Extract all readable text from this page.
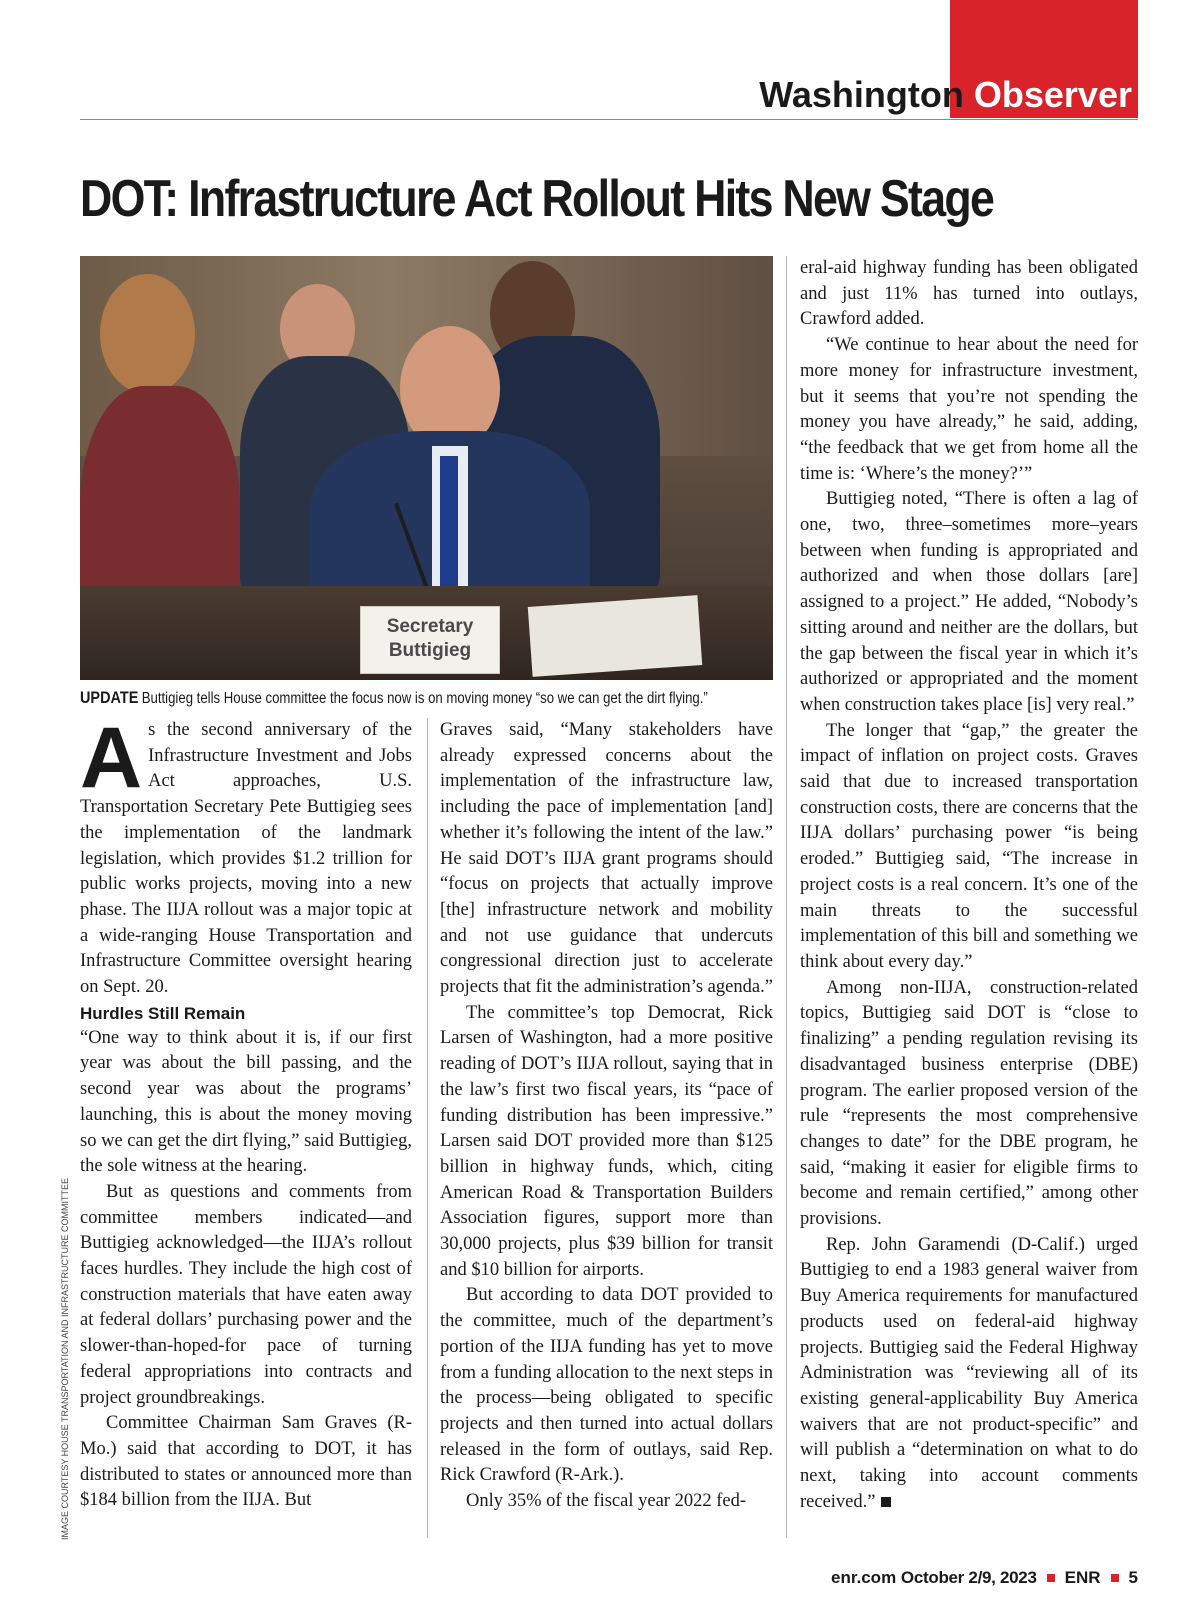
Washington Observer
DOT: Infrastructure Act Rollout Hits New Stage
Secretary
Buttigieg
UPDATE Buttigieg tells House committee the focus now is on moving money “so we can get the dirt flying.”

As the second anniversary of the Infrastructure Investment and Jobs Act approaches, U.S. Transportation Secretary Pete Buttigieg sees the implementation of the landmark legislation, which provides $1.2 trillion for public works projects, moving into a new phase. The IIJA rollout was a major topic at a wide-ranging House Transportation and Infrastructure Committee oversight hearing on Sept. 20.

Hurdles Still Remain

“One way to think about it is, if our first year was about the bill passing, and the second year was about the programs’ launching, this is about the money moving so we can get the dirt flying,” said Buttigieg, the sole witness at the hearing.

But as questions and comments from committee members indicated—and Buttigieg acknowledged—the IIJA’s rollout faces hurdles. They include the high cost of construction materials that have eaten away at federal dollars’ purchasing power and the slower-than-hoped-for pace of turning federal appropriations into contracts and project groundbreakings.

Committee Chairman Sam Graves (R-Mo.) said that according to DOT, it has distributed to states or announced more than $184 billion from the IIJA. But

Graves said, “Many stakeholders have already expressed concerns about the implementation of the infrastructure law, including the pace of implementation [and] whether it’s following the intent of the law.” He said DOT’s IIJA grant programs should “focus on projects that actually improve [the] infrastructure network and mobility and not use guidance that undercuts congressional direction just to accelerate projects that fit the administration’s agenda.”

The committee’s top Democrat, Rick Larsen of Washington, had a more positive reading of DOT’s IIJA rollout, saying that in the law’s first two fiscal years, its “pace of funding distribution has been impressive.” Larsen said DOT provided more than $125 billion in highway funds, which, citing American Road & Transportation Builders Association figures, support more than 30,000 projects, plus $39 billion for transit and $10 billion for airports.

But according to data DOT provided to the committee, much of the department’s portion of the IIJA funding has yet to move from a funding allocation to the next steps in the process—being obligated to specific projects and then turned into actual dollars released in the form of outlays, said Rep. Rick Crawford (R-Ark.).

Only 35% of the fiscal year 2022 fed-

eral-aid highway funding has been obligated and just 11% has turned into outlays, Crawford added.

“We continue to hear about the need for more money for infrastructure investment, but it seems that you’re not spending the money you have already,” he said, adding, “the feedback that we get from home all the time is: ‘Where’s the money?’”

Buttigieg noted, “There is often a lag of one, two, three–sometimes more–years between when funding is appropriated and authorized and when those dollars [are] assigned to a project.” He added, “Nobody’s sitting around and neither are the dollars, but the gap between the fiscal year in which it’s authorized or appropriated and the moment when construction takes place [is] very real.”

The longer that “gap,” the greater the impact of inflation on project costs. Graves said that due to increased transportation construction costs, there are concerns that the IIJA dollars’ purchasing power “is being eroded.” Buttigieg said, “The increase in project costs is a real concern. It’s one of the main threats to the successful implementation of this bill and something we think about every day.”

Among non-IIJA, construction-related topics, Buttigieg said DOT is “close to finalizing” a pending regulation revising its disadvantaged business enterprise (DBE) program. The earlier proposed version of the rule “represents the most comprehensive changes to date” for the DBE program, he said, “making it easier for eligible firms to become and remain certified,” among other provisions.

Rep. John Garamendi (D-Calif.) urged Buttigieg to end a 1983 general waiver from Buy America requirements for manufactured products used on federal-aid highway projects. Buttigieg said the Federal Highway Administration was “reviewing all of its existing general-applicability Buy America waivers that are not product-specific” and will publish a “determination on what to do next, taking into account comments received.”

IMAGE COURTESY HOUSE TRANSPORTATION AND INFRASTRUCTURE COMMITTEE
enr.com October 2/9, 2023 ENR 5
